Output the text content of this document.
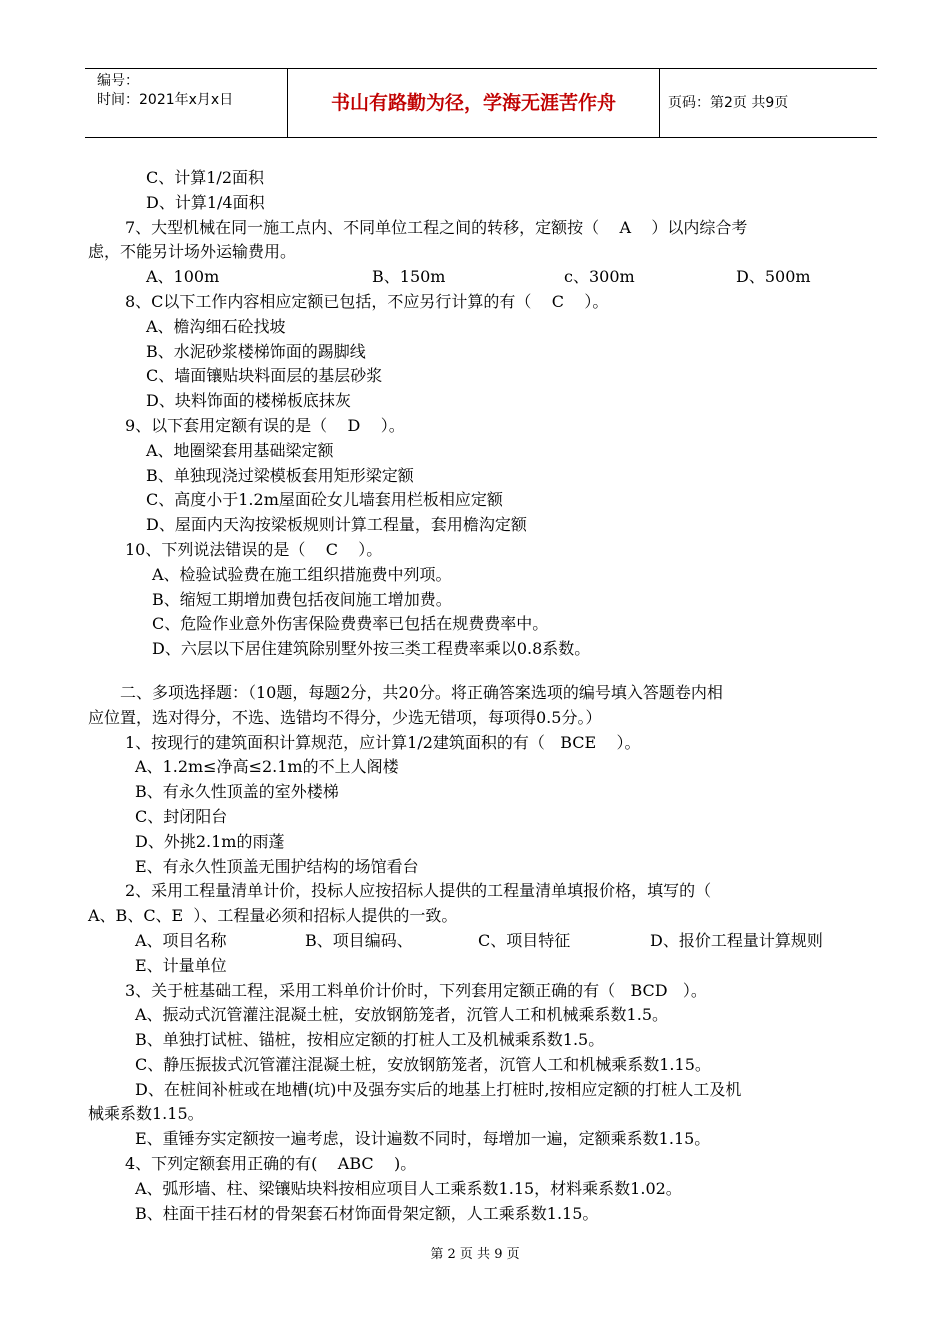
编号：
时间：2021年x月x日	书山有路勤为径，学海无涯苦作舟	页码：第2页 共9页
C、计算1/2面积
D、计算1/4面积
7、大型机械在同一施工点内、不同单位工程之间的转移，定额按（    A    ）以内综合考
虑，不能另计场外运输费用。
A、100m	B、150m	c、300m	D、500m
8、C以下工作内容相应定额已包括，不应另行计算的有（    C    ）。
A、檐沟细石砼找坡
B、水泥砂浆楼梯饰面的踢脚线
C、墙面镶贴块料面层的基层砂浆
D、块料饰面的楼梯板底抹灰
9、以下套用定额有误的是（    D    ）。
A、地圈梁套用基础梁定额
B、单独现浇过梁模板套用矩形梁定额
C、高度小于1.2m屋面砼女儿墙套用栏板相应定额
D、屋面内天沟按梁板规则计算工程量，套用檐沟定额
10、下列说法错误的是（    C    ）。
A、检验试验费在施工组织措施费中列项。
B、缩短工期增加费包括夜间施工增加费。
C、危险作业意外伤害保险费费率已包括在规费费率中。
D、六层以下居住建筑除别墅外按三类工程费率乘以0.8系数。
二、多项选择题：（10题，每题2分，共20分。将正确答案选项的编号填入答题卷内相
应位置，选对得分，不选、选错均不得分，少选无错项，每项得0.5分。）
1、按现行的建筑面积计算规范，应计算1/2建筑面积的有（   BCE    ）。
A、1.2m≤净高≤2.1m的不上人阁楼
B、有永久性顶盖的室外楼梯
C、封闭阳台
D、外挑2.1m的雨蓬
E、有永久性顶盖无围护结构的场馆看台
2、采用工程量清单计价，投标人应按招标人提供的工程量清单填报价格，填写的（
A、B、C、E  ）、工程量必须和招标人提供的一致。
A、项目名称	B、项目编码、	C、项目特征	D、报价工程量计算规则
E、计量单位
3、关于桩基础工程，采用工料单价计价时，下列套用定额正确的有（   BCD   ）。
A、振动式沉管灌注混凝土桩，安放钢筋笼者，沉管人工和机械乘系数1.5。
B、单独打试桩、锚桩，按相应定额的打桩人工及机械乘系数1.5。
C、静压振拔式沉管灌注混凝土桩，安放钢筋笼者，沉管人工和机械乘系数1.15。
D、在桩间补桩或在地槽(坑)中及强夯实后的地基上打桩时,按相应定额的打桩人工及机
械乘系数1.15。
E、重锤夯实定额按一遍考虑，设计遍数不同时，每增加一遍，定额乘系数1.15。
4、下列定额套用正确的有(    ABC    )。
A、弧形墙、柱、梁镶贴块料按相应项目人工乘系数1.15，材料乘系数1.02。
B、柱面干挂石材的骨架套石材饰面骨架定额，人工乘系数1.15。
第 2 页 共 9 页
